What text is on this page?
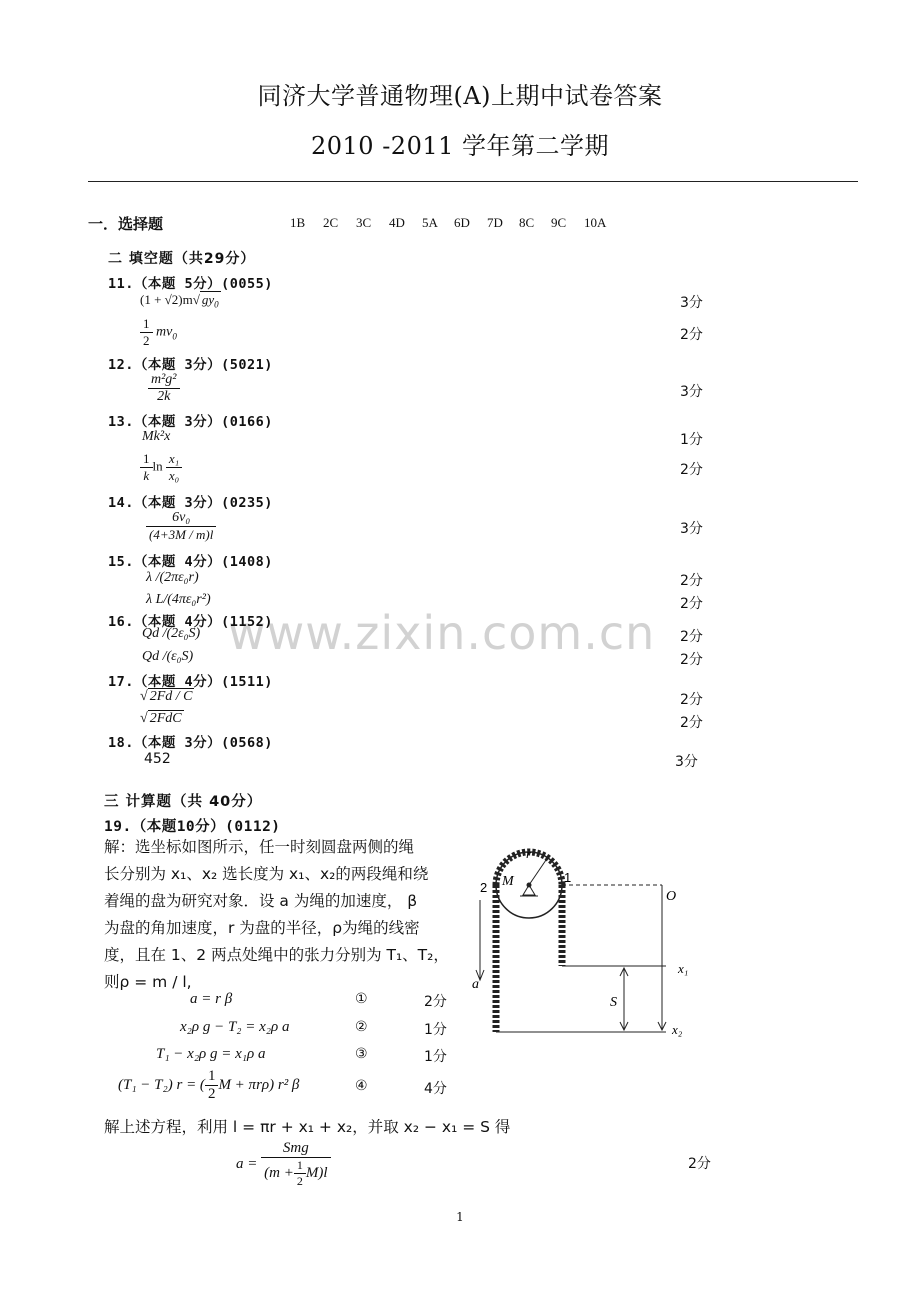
同济大学普通物理(A)上期中试卷答案
2010 -2011 学年第二学期
一．选择题	1B 2C 3C 4D 5A 6D 7D 8C 9C 10A
www.zixin.com.cn
二 填空题（共29分）
11.（本题 5分）(0055)
(1 + √2)m√ $gy_0$	3分
$\frac{1}{2} mv_0$	2分
12.（本题 3分）(5021)
$\frac{\text{m²g²}}{2k}$	3分
13.（本题 3分）(0166)
Mk²x	1分
$\frac{1}{k}$ $\ln \frac{\text{x₁}}{\text{x₀}}$	2分
14.（本题 3分）(0235)
$\frac{\text{6v₀}}{(4+3M / m)l}$	3分
15.（本题 4分）(1408)
λ /(2πε₀r)	2分
λ L/(4πε₀r²)	2分
16.（本题 4分）(1152)
Qd /(2ε₀S)	2分
Qd /(ε₀S)	2分
17.（本题 4分）(1511)
√ 2Fd / C	2分
√ 2FdC	2分
18.（本题 3分）(0568)
452	3分
三 计算题（共 40分）
19.（本题10分）(0112)
解：选坐标如图所示，任一时刻圆盘两侧的绳
长分别为 x₁、x₂ 选长度为 x₁、x₂的两段绳和绕
着绳的盘为研究对象．设 a 为绳的加速度， β
为盘的角加速度，r 为盘的半径，ρ为绳的线密
度，且在 1、2 两点处绳中的张力分别为 T₁、T₂，
则ρ = m / l,
a = r β	①	2分
x₂ρ g − T₂ = x₂ρ a	②	1分
T₁ − x₂ρ g = x₁ρ a	③	1分
(T₁ − T₂) r = ( $\frac{1}{2}$ M + πrρ) r² β	④	4分
解上述方程，利用 l = πr + x₁ + x₂，并取 x₂ − x₁ = S 得
$a = \frac{\text{Smg}}{(m + \frac{1}{2} M)l}$	2分
2 M
r
1
O
x₁
x₂
S
a
1
